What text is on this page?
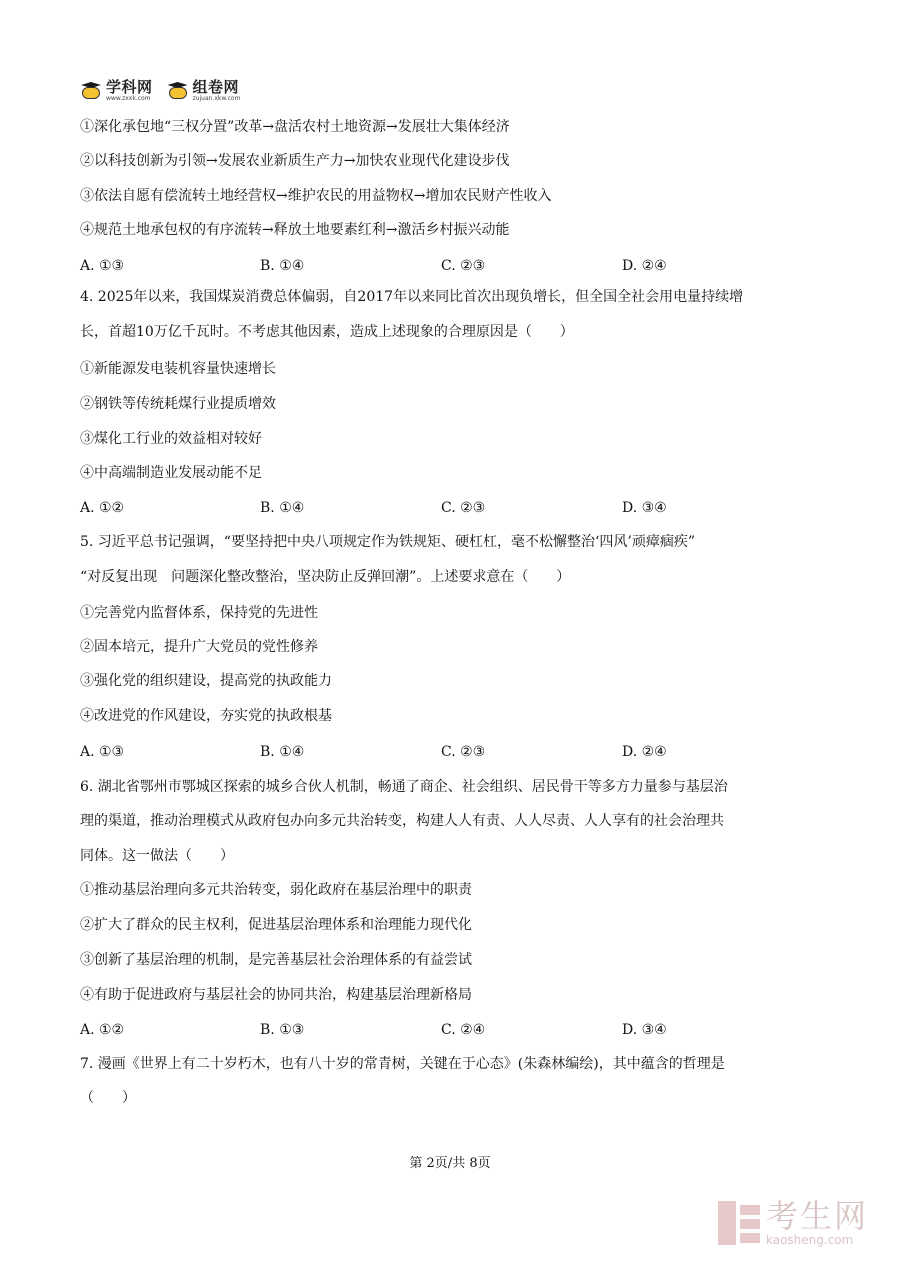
学科网
www.zxxk.com
组卷网
zujuan.xkw.com
①深化承包地“三权分置”改革→盘活农村土地资源→发展壮大集体经济
②以科技创新为引领→发展农业新质生产力→加快农业现代化建设步伐
③依法自愿有偿流转土地经营权→维护农民的用益物权→增加农民财产性收入
④规范土地承包权的有序流转→释放土地要素红利→激活乡村振兴动能
4. 2025年以来，我国煤炭消费总体偏弱，自2017年以来同比首次出现负增长，但全国全社会用电量持续增
长，首超10万亿千瓦时。不考虑其他因素，造成上述现象的合理原因是（　　）
①新能源发电装机容量快速增长
②钢铁等传统耗煤行业提质增效
③煤化工行业的效益相对较好
④中高端制造业发展动能不足
5. 习近平总书记强调，“要坚持把中央八项规定作为铁规矩、硬杠杠，毫不松懈整治‘四风’顽瘴痼疾”
“对反复出现　问题深化整改整治，坚决防止反弹回潮”。上述要求意在（　　）
①完善党内监督体系，保持党的先进性
②固本培元，提升广大党员的党性修养
③强化党的组织建设，提高党的执政能力
④改进党的作风建设，夯实党的执政根基
6. 湖北省鄂州市鄂城区探索的城乡合伙人机制，畅通了商企、社会组织、居民骨干等多方力量参与基层治
理的渠道，推动治理模式从政府包办向多元共治转变，构建人人有责、人人尽责、人人享有的社会治理共
同体。这一做法（　　）
①推动基层治理向多元共治转变，弱化政府在基层治理中的职责
②扩大了群众的民主权利，促进基层治理体系和治理能力现代化
③创新了基层治理的机制，是完善基层社会治理体系的有益尝试
④有助于促进政府与基层社会的协同共治，构建基层治理新格局
7. 漫画《世界上有二十岁朽木，也有八十岁的常青树，关键在于心态》(朱森林编绘)，其中蕴含的哲理是
（　　）
A. ①③	B. ①④	C. ②③	D. ②④
A. ①②	B. ①④	C. ②③	D. ③④
A. ①③	B. ①④	C. ②③	D. ②④
A. ①②	B. ①③	C. ②④	D. ③④
第 2页/共 8页
考生网
kaosheng.com
